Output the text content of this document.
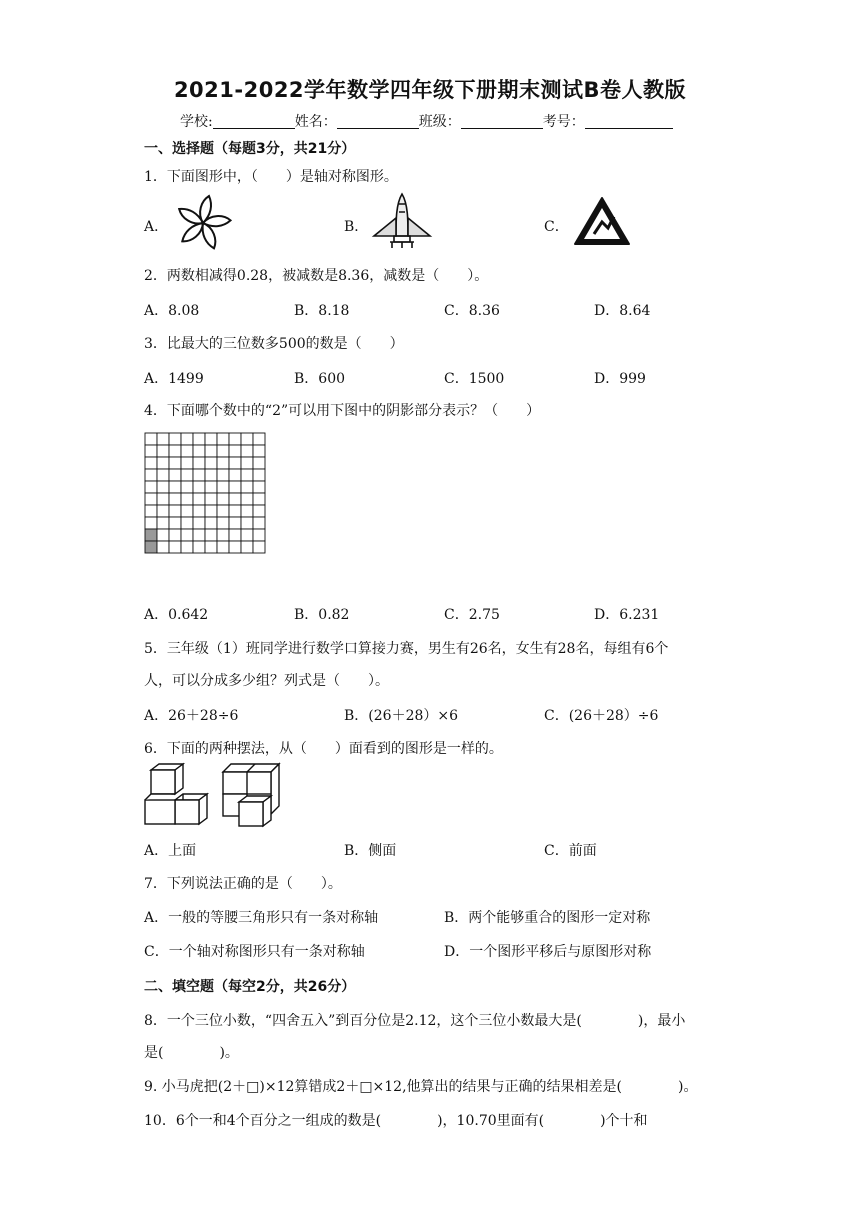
2021-2022学年数学四年级下册期末测试B卷人教版
学校:	姓名：	班级：	考号：
一、选择题（每题3分，共21分）
1．下面图形中，（　　）是轴对称图形。
A．	B．	C．
2．两数相减得0.28，被减数是8.36，减数是（　　）。
A．8.08	B．8.18	C．8.36	D．8.64
3．比最大的三位数多500的数是（　　）
A．1499	B．600	C．1500	D．999
4．下面哪个数中的“2”可以用下图中的阴影部分表示？（　　）
A．0.642	B．0.82	C．2.75	D．6.231
5．三年级（1）班同学进行数学口算接力赛，男生有26名，女生有28名，每组有6个
人，可以分成多少组？列式是（　　）。
A．26＋28÷6	B．(26＋28）×6	C．(26＋28）÷6
6．下面的两种摆法，从（　　）面看到的图形是一样的。
A．上面	B．侧面	C．前面
7．下列说法正确的是（　　）。
A．一般的等腰三角形只有一条对称轴	B．两个能够重合的图形一定对称
C．一个轴对称图形只有一条对称轴	D．一个图形平移后与原图形对称
二、填空题（每空2分，共26分）
8．一个三位小数，“四舍五入”到百分位是2.12，这个三位小数最大是(　　　　)，最小
是(　　　　)。
9. 小马虎把(2＋□)×12算错成2＋□×12,他算出的结果与正确的结果相差是(　　　　)。
10．6个一和4个百分之一组成的数是(　　　　)，10.70里面有(　　　　)个十和
